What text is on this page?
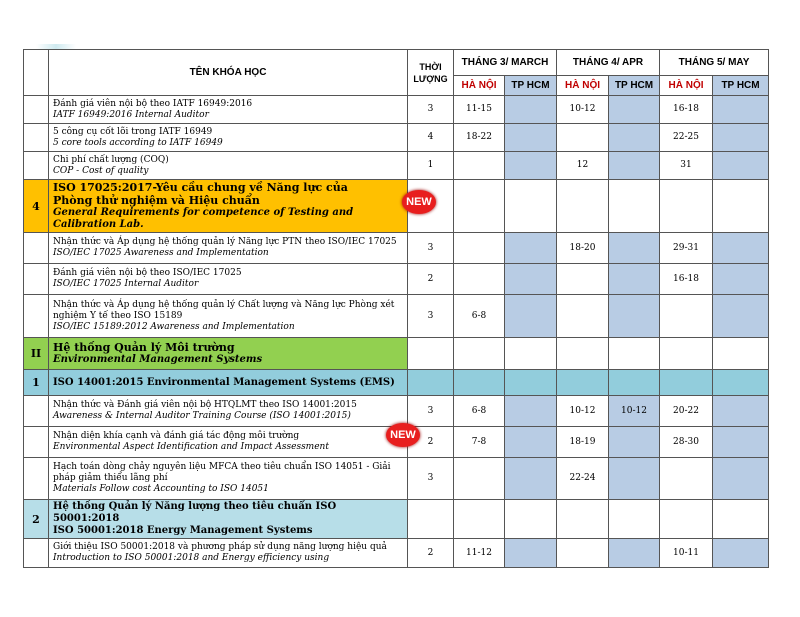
	TÊN KHÓA HỌC	THỜI LƯỢNG	THÁNG 3/ MARCH		THÁNG 4/ APR		THÁNG 5/ MAY	
			HÀ NỘI	TP HCM	HÀ NỘI	TP HCM	HÀ NỘI	TP HCM

	Đánh giá viên nội bộ theo IATF 16949:2016
IATF 16949:2016 Internal Auditor	3	11-15		10-12		16-18	

	5 công cụ cốt lõi trong IATF 16949
5 core tools according to IATF 16949	4	18-22				22-25	

	Chi phí chất lượng (COQ)
COP - Cost of quality	1			12		31	
4	ISO 17025:2017-Yêu cầu chung về Năng lực của Phòng thử nghiệm và Hiệu chuẩn
General Requirements for competence of Testing and Calibration Lab.							

	Nhận thức và Áp dụng hệ thống quản lý Năng lực PTN theo ISO/IEC 17025
ISO/IEC 17025 Awareness and Implementation	3			18-20		29-31	

	Đánh giá viên nội bộ theo ISO/IEC 17025
ISO/IEC 17025 Internal Auditor	2					16-18	

	Nhận thức và Áp dụng hệ thống quản lý Chất lượng và Năng lực Phòng xét nghiệm Y tế theo ISO 15189
ISO/IEC 15189:2012 Awareness and Implementation	3	6-8					
II	Hệ thống Quản lý Môi trường
Environmental Management Systems							

1	ISO 14001:2015 Environmental Management Systems (EMS)							

	Nhận thức và Đánh giá viên nội bộ HTQLMT theo ISO 14001:2015
Awareness & Internal Auditor Training Course (ISO 14001:2015)	3	6-8		10-12	10-12	20-22	

	Nhận diện khía cạnh và đánh giá tác động môi trường
Environmental Aspect Identification and Impact Assessment	2	7-8		18-19		28-30	

	Hạch toán dòng chảy nguyên liệu MFCA theo tiêu chuẩn ISO 14051 - Giải pháp giảm thiểu lãng phí
Materials Follow cost Accounting to ISO 14051	3			22-24			
2	Hệ thống Quản lý Năng lượng theo tiêu chuẩn ISO 50001:2018
ISO 50001:2018 Energy Management Systems							

	Giới thiệu ISO 50001:2018 và phương pháp sử dụng năng lượng hiệu quả
Introduction to ISO 50001:2018 and Energy efficiency using	2	11-12				10-11	
NEW
NEW
